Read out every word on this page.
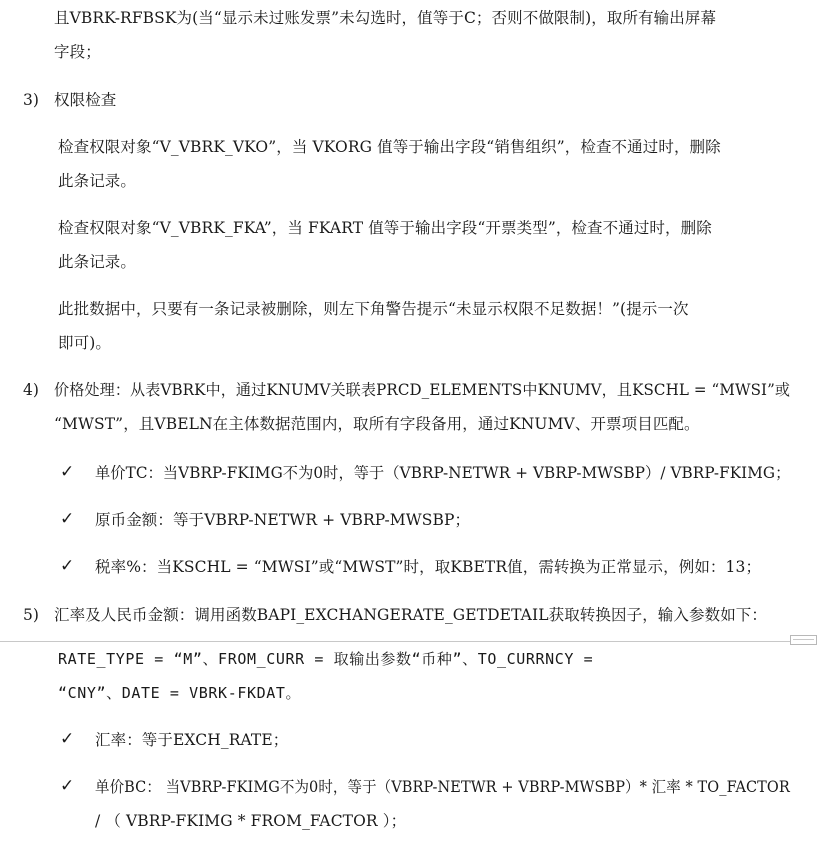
且VBRK-RFBSK为(当“显示未过账发票”未勾选时，值等于C；否则不做限制)，取所有输出屏幕
字段；
3) 权限检查
检查权限对象“V_VBRK_VKO”，当 VKORG 值等于输出字段“销售组织”，检查不通过时，删除
此条记录。
检查权限对象“V_VBRK_FKA”，当 FKART 值等于输出字段“开票类型”，检查不通过时，删除
此条记录。
此批数据中，只要有一条记录被删除，则左下角警告提示“未显示权限不足数据！”(提示一次
即可)。
4) 价格处理：从表VBRK中，通过KNUMV关联表PRCD_ELEMENTS中KNUMV，且KSCHL = “MWSI”或
“MWST”，且VBELN在主体数据范围内，取所有字段备用，通过KNUMV、开票项目匹配。
✓ 单价TC：当VBRP-FKIMG不为0时，等于（VBRP-NETWR + VBRP-MWSBP）/ VBRP-FKIMG；
✓ 原币金额：等于VBRP-NETWR + VBRP-MWSBP；
✓ 税率%：当KSCHL = “MWSI”或“MWST”时，取KBETR值，需转换为正常显示，例如：13；
5) 汇率及人民币金额：调用函数BAPI_EXCHANGERATE_GETDETAIL获取转换因子，输入参数如下：
RATE_TYPE = “M”、FROM_CURR = 取输出参数“币种”、TO_CURRNCY =
“CNY”、DATE = VBRK-FKDAT。
✓ 汇率：等于EXCH_RATE；
✓ 单价BC： 当VBRP-FKIMG不为0时，等于（VBRP-NETWR + VBRP-MWSBP）* 汇率 * TO_FACTOR
/ （ VBRP-FKIMG * FROM_FACTOR ）；
